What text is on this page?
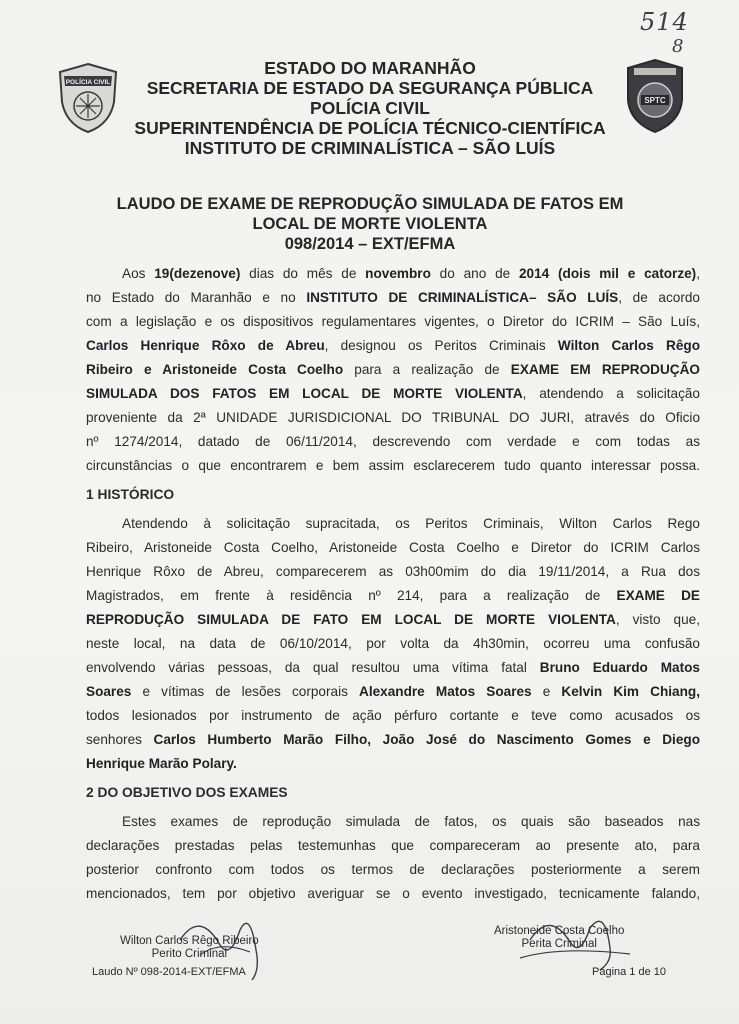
514
8
POLÍCIA CIVIL
SPTC
ESTADO DO MARANHÃO
SECRETARIA DE ESTADO DA SEGURANÇA PÚBLICA
POLÍCIA CIVIL
SUPERINTENDÊNCIA DE POLÍCIA TÉCNICO-CIENTÍFICA
INSTITUTO DE CRIMINALÍSTICA – SÃO LUÍS
LAUDO DE EXAME DE REPRODUÇÃO SIMULADA DE FATOS EM
LOCAL DE MORTE VIOLENTA
098/2014 – EXT/EFMA

Aos 19(dezenove) dias do mês de novembro do ano de 2014 (dois mil e catorze),
no Estado do Maranhão e no INSTITUTO DE CRIMINALÍSTICA– SÃO LUÍS, de acordo
com a legislação e os dispositivos regulamentares vigentes, o Diretor do ICRIM – São Luís,
Carlos Henrique Rôxo de Abreu, designou os Peritos Criminais Wilton Carlos Rêgo
Ribeiro e Aristoneide Costa Coelho para a realização de EXAME EM REPRODUÇÃO
SIMULADA DOS FATOS EM LOCAL DE MORTE VIOLENTA, atendendo a solicitação
proveniente da 2ª UNIDADE JURISDICIONAL DO TRIBUNAL DO JURI, através do Oficio
nº 1274/2014, datado de 06/11/2014, descrevendo com verdade e com todas as
circunstâncias o que encontrarem e bem assim esclarecerem tudo quanto interessar possa.

1 HISTÓRICO

Atendendo à solicitação supracitada, os Peritos Criminais, Wilton Carlos Rego
Ribeiro, Aristoneide Costa Coelho, Aristoneide Costa Coelho e Diretor do ICRIM Carlos
Henrique Rôxo de Abreu, comparecerem as 03h00mim do dia 19/11/2014, a Rua dos
Magistrados, em frente à residência nº 214, para a realização de EXAME DE
REPRODUÇÃO SIMULADA DE FATO EM LOCAL DE MORTE VIOLENTA, visto que,
neste local, na data de 06/10/2014, por volta da 4h30min, ocorreu uma confusão
envolvendo várias pessoas, da qual resultou uma vítima fatal Bruno Eduardo Matos
Soares e vítimas de lesões corporais Alexandre Matos Soares e Kelvin Kim Chiang,
todos lesionados por instrumento de ação pérfuro cortante e teve como acusados os
senhores Carlos Humberto Marão Filho, João José do Nascimento Gomes e Diego
Henrique Marão Polary.

2 DO OBJETIVO DOS EXAMES

Estes exames de reprodução simulada de fatos, os quais são baseados nas
declarações prestadas pelas testemunhas que compareceram ao presente ato, para
posterior confronto com todos os termos de declarações posteriormente a serem
mencionados, tem por objetivo averiguar se o evento investigado, tecnicamente falando,

Wilton Carlos Rêgo Ribeiro
Perito Criminal
Aristoneide Costa Coelho
Perita Criminal
Laudo Nº 098-2014-EXT/EFMA	Página 1 de 10
